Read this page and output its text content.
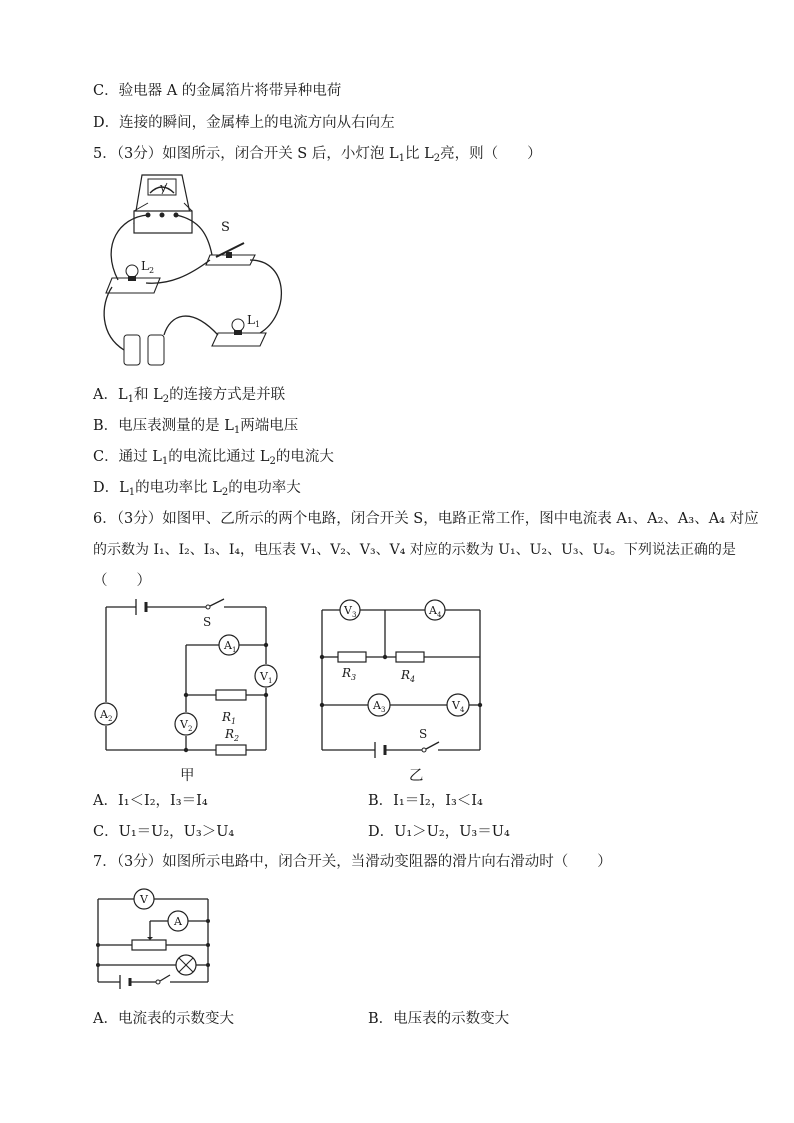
C．验电器 A 的金属箔片将带异种电荷
D．连接的瞬间，金属棒上的电流方向从右向左
5．（3分）如图所示，闭合开关 S 后，小灯泡 $L_1$比 $L_2$亮，则（　　）
V
S
$L_2$
$L_1$
A．$L_1$和 $L_2$的连接方式是并联
B．电压表测量的是 $L_1$两端电压
C．通过 $L_1$的电流比通过 $L_2$的电流大
D．$L_1$的电功率比 $L_2$的电功率大
6．（3分）如图甲、乙所示的两个电路，闭合开关 S，电路正常工作，图中电流表 A₁、A₂、A₃、A₄ 对应
的示数为 I₁、I₂、I₃、I₄，电压表 V₁、V₂、V₃、V₄ 对应的示数为 U₁、U₂、U₃、U₄。下列说法正确的是
（　　）
S
$R_1$
$R_2$
$A_1$
$V_1$
$V_2$
$A_2$
甲
$R_3$	$R_4$
$V_3$	$A_4$
$A_3$	$V_4$
S
乙
A．I₁＜I₂，I₃＝I₄	B．I₁＝I₂，I₃＜I₄
C．U₁＝U₂，U₃＞U₄	D．U₁＞U₂，U₃＝U₄
7．（3分）如图所示电路中，闭合开关，当滑动变阻器的滑片向右滑动时（　　）
V
A
A．电流表的示数变大	B．电压表的示数变大
